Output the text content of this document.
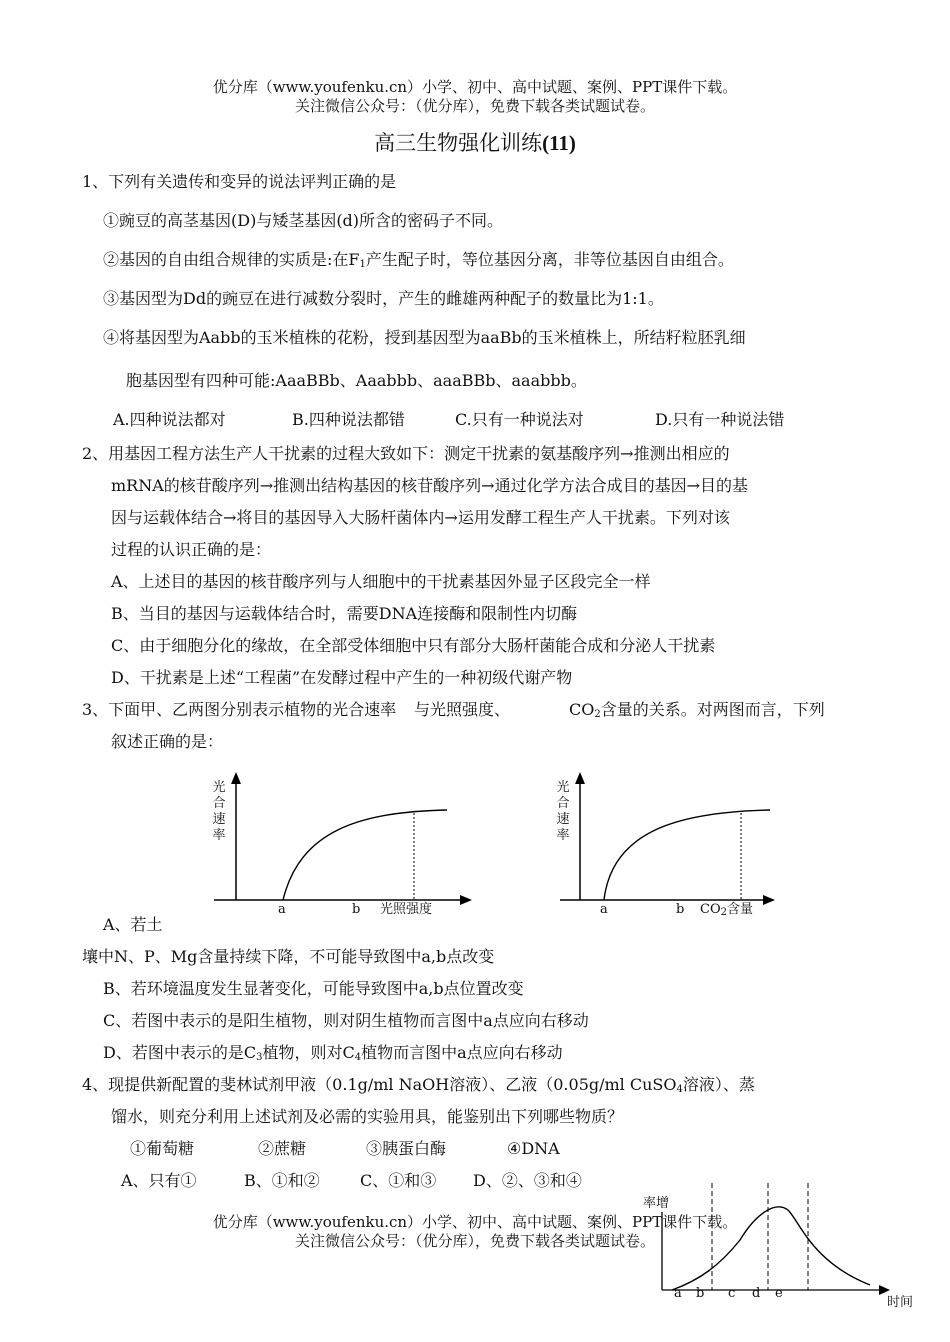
优分库（www.youfenku.cn）小学、初中、高中试题、案例、PPT课件下载。
关注微信公众号：（优分库），免费下载各类试题试卷。
高三生物强化训练(11)
1、下列有关遗传和变异的说法评判正确的是
①豌豆的高茎基因(D)与矮茎基因(d)所含的密码子不同。
②基因的自由组合规律的实质是:在$F_1$产生配子时，等位基因分离，非等位基因自由组合。
③基因型为Dd的豌豆在进行减数分裂时，产生的雌雄两种配子的数量比为1:1。
④将基因型为Aabb的玉米植株的花粉，授到基因型为aaBb的玉米植株上，所结籽粒胚乳细
胞基因型有四种可能:AaaBBb、Aaabbb、aaaBBb、aaabbb。
A.四种说法都对	B.四种说法都错	C.只有一种说法对	D.只有一种说法错
2、用基因工程方法生产人干扰素的过程大致如下：测定干扰素的氨基酸序列→推测出相应的
mRNA的核苷酸序列→推测出结构基因的核苷酸序列→通过化学方法合成目的基因→目的基
因与运载体结合→将目的基因导入大肠杆菌体内→运用发酵工程生产人干扰素。下列对该
过程的认识正确的是：
A、上述目的基因的核苷酸序列与人细胞中的干扰素基因外显子区段完全一样
B、当目的基因与运载体结合时，需要DNA连接酶和限制性内切酶
C、由于细胞分化的缘故，在全部受体细胞中只有部分大肠杆菌能合成和分泌人干扰素
D、干扰素是上述“工程菌”在发酵过程中产生的一种初级代谢产物
3、下面甲、乙两图分别表示植物的光合速率 与光照强度、	$CO_2$含量的关系。对两图而言，下列
叙述正确的是：
光合速率
a	b 光照强度
光合速率
a	b $CO_2$含量
A、若土
壤中N、P、Mg含量持续下降，不可能导致图中a,b点改变
B、若环境温度发生显著变化，可能导致图中a,b点位置改变
C、若图中表示的是阳生植物，则对阴生植物而言图中a点应向右移动
D、若图中表示的是$C_3$植物，则对$C_4$植物而言图中a点应向右移动
4、现提供新配置的斐林试剂甲液（0.1g/ml NaOH溶液）、乙液（0.05g/ml CuSO$_4$溶液）、蒸
馏水，则充分利用上述试剂及必需的实验用具，能鉴别出下列哪些物质？
①葡萄糖	②蔗糖	③胰蛋白酶	④DNA
A、只有①	B、①和②	C、①和③ D、②、③和④
率增
a b c d e
时间
优分库（www.youfenku.cn）小学、初中、高中试题、案例、PPT课件下载。
关注微信公众号：（优分库），免费下载各类试题试卷。
